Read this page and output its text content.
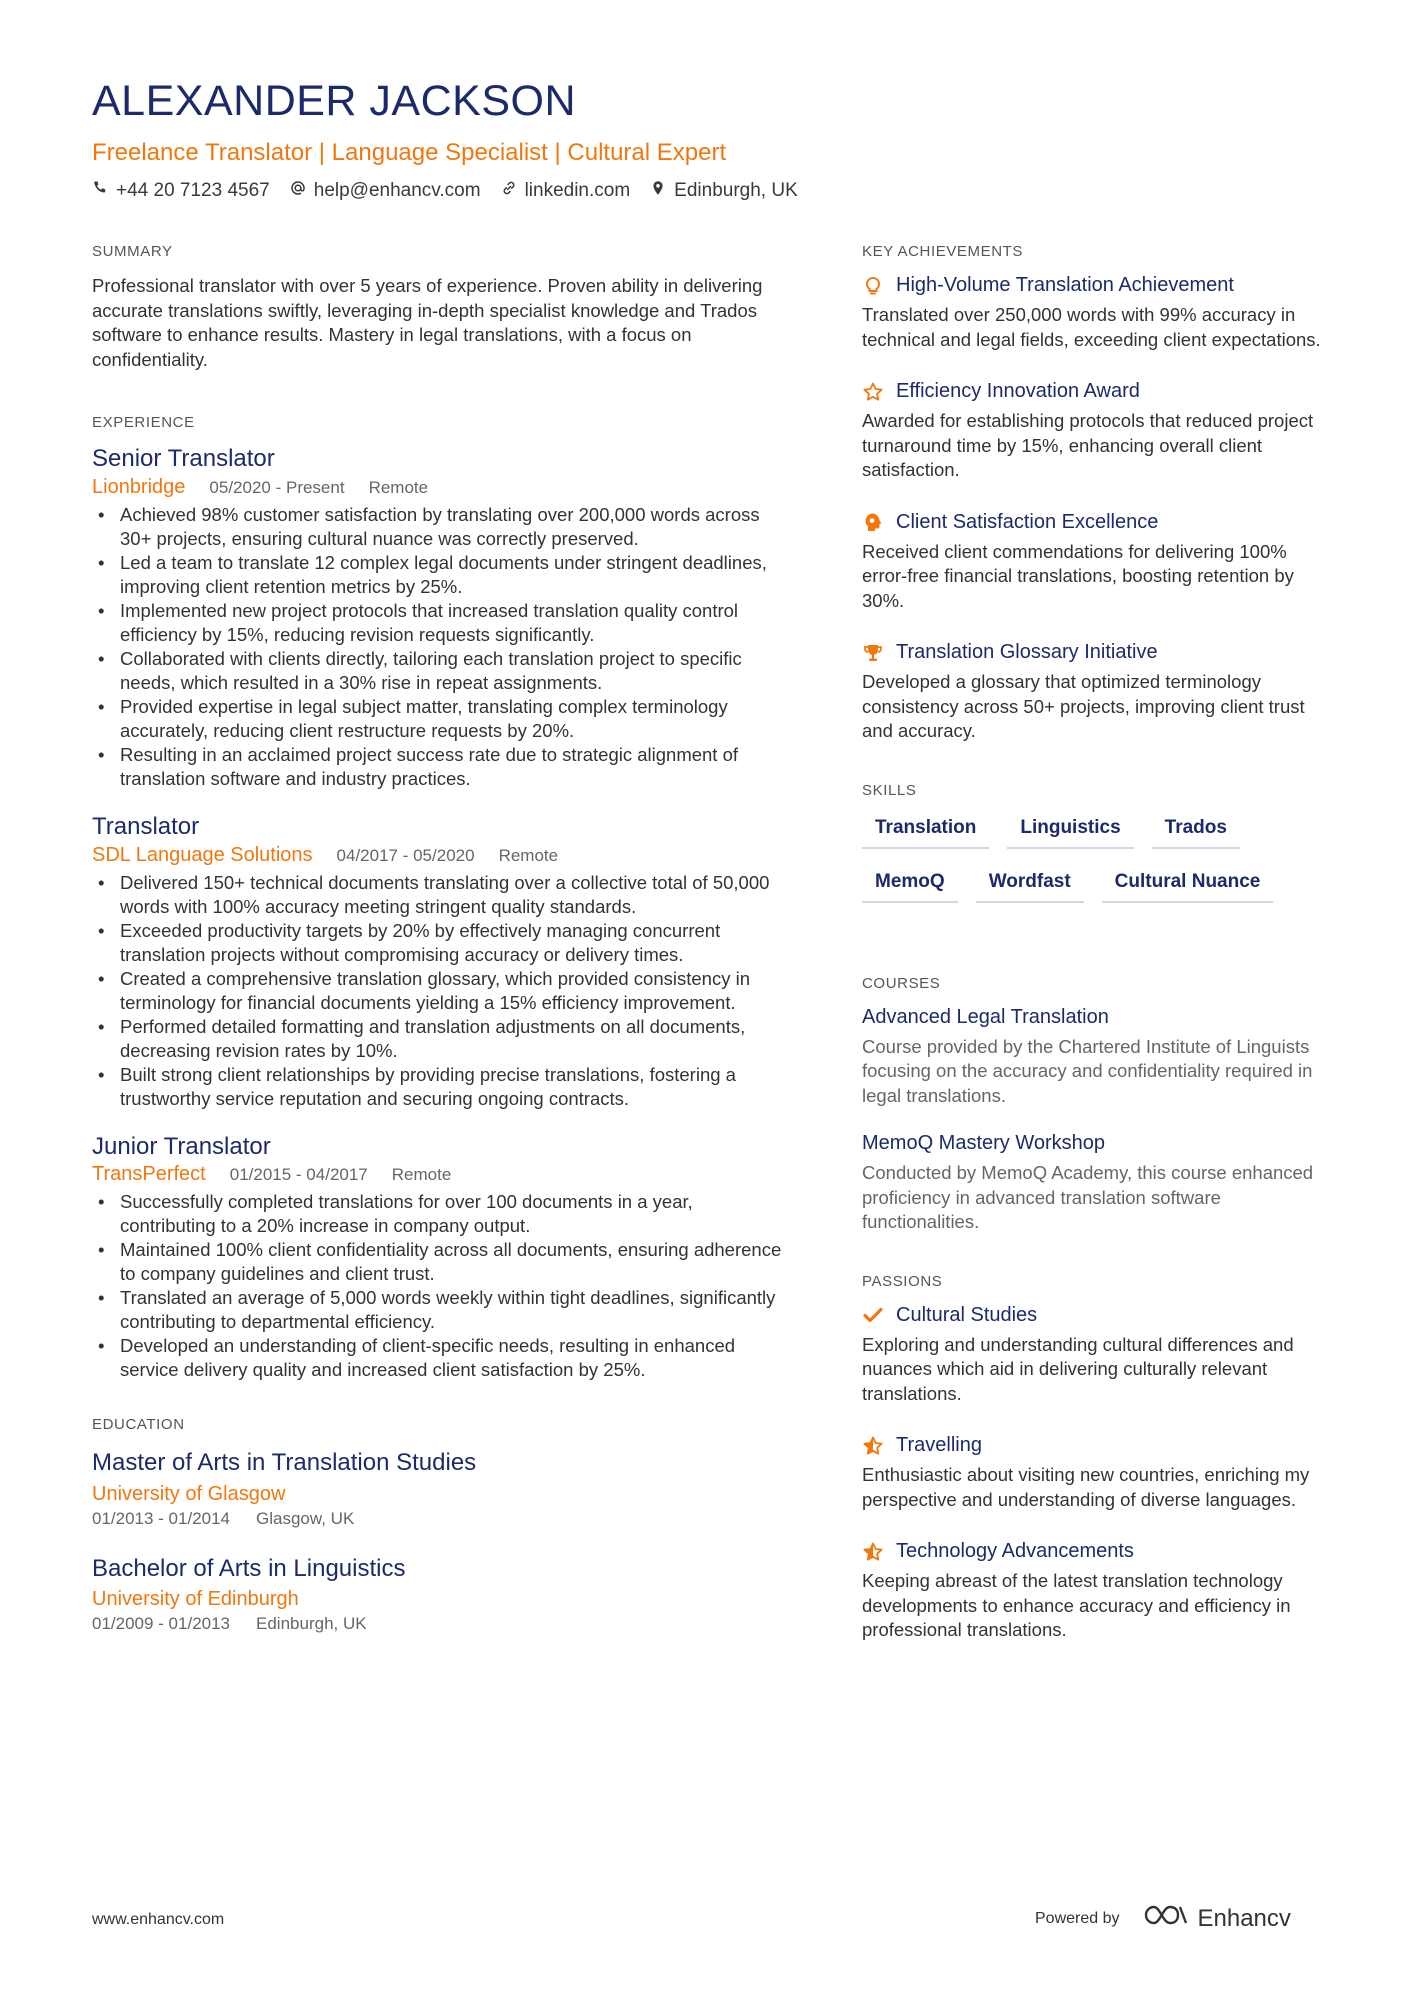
ALEXANDER JACKSON
Freelance Translator | Language Specialist | Cultural Expert
+44 20 7123 4567 help@enhancv.com linkedin.com Edinburgh, UK
SUMMARY

Professional translator with over 5 years of experience. Proven ability in delivering accurate translations swiftly, leveraging in-depth specialist knowledge and Trados software to enhance results. Mastery in legal translations, with a focus on confidentiality.

EXPERIENCE
Senior Translator
Lionbridge 05/2020 - Present Remote
• Achieved 98% customer satisfaction by translating over 200,000 words across 30+ projects, ensuring cultural nuance was correctly preserved.
• Led a team to translate 12 complex legal documents under stringent deadlines, improving client retention metrics by 25%.
• Implemented new project protocols that increased translation quality control efficiency by 15%, reducing revision requests significantly.
• Collaborated with clients directly, tailoring each translation project to specific needs, which resulted in a 30% rise in repeat assignments.
• Provided expertise in legal subject matter, translating complex terminology accurately, reducing client restructure requests by 20%.
• Resulting in an acclaimed project success rate due to strategic alignment of translation software and industry practices.
Translator
SDL Language Solutions 04/2017 - 05/2020 Remote
• Delivered 150+ technical documents translating over a collective total of 50,000 words with 100% accuracy meeting stringent quality standards.
• Exceeded productivity targets by 20% by effectively managing concurrent translation projects without compromising accuracy or delivery times.
• Created a comprehensive translation glossary, which provided consistency in terminology for financial documents yielding a 15% efficiency improvement.
• Performed detailed formatting and translation adjustments on all documents, decreasing revision rates by 10%.
• Built strong client relationships by providing precise translations, fostering a trustworthy service reputation and securing ongoing contracts.
Junior Translator
TransPerfect 01/2015 - 04/2017 Remote
• Successfully completed translations for over 100 documents in a year, contributing to a 20% increase in company output.
• Maintained 100% client confidentiality across all documents, ensuring adherence to company guidelines and client trust.
• Translated an average of 5,000 words weekly within tight deadlines, significantly contributing to departmental efficiency.
• Developed an understanding of client-specific needs, resulting in enhanced service delivery quality and increased client satisfaction by 25%.
EDUCATION
Master of Arts in Translation Studies
University of Glasgow
01/2013 - 01/2014 Glasgow, UK
Bachelor of Arts in Linguistics
University of Edinburgh
01/2009 - 01/2013 Edinburgh, UK
KEY ACHIEVEMENTS
High-Volume Translation Achievement
Translated over 250,000 words with 99% accuracy in technical and legal fields, exceeding client expectations.
Efficiency Innovation Award
Awarded for establishing protocols that reduced project turnaround time by 15%, enhancing overall client satisfaction.
Client Satisfaction Excellence
Received client commendations for delivering 100% error-free financial translations, boosting retention by 30%.
Translation Glossary Initiative
Developed a glossary that optimized terminology consistency across 50+ projects, improving client trust and accuracy.
SKILLS
Translation	Linguistics	Trados
MemoQ	Wordfast	Cultural Nuance
COURSES
Advanced Legal Translation
Course provided by the Chartered Institute of Linguists focusing on the accuracy and confidentiality required in legal translations.
MemoQ Mastery Workshop
Conducted by MemoQ Academy, this course enhanced proficiency in advanced translation software functionalities.
PASSIONS
Cultural Studies
Exploring and understanding cultural differences and nuances which aid in delivering culturally relevant translations.
Travelling
Enthusiastic about visiting new countries, enriching my perspective and understanding of diverse languages.
Technology Advancements
Keeping abreast of the latest translation technology developments to enhance accuracy and efficiency in professional translations.
www.enhancv.com	Powered by	Enhancv
